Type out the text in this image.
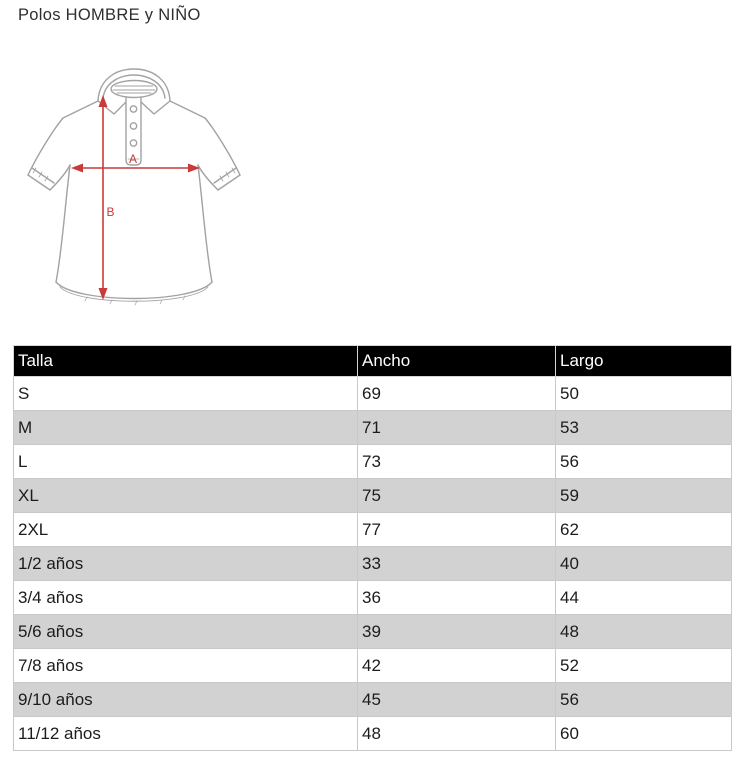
Polos HOMBRE y NIÑO
A
B
Talla	Ancho	Largo
S	69	50
M	71	53
L	73	56
XL	75	59
2XL	77	62
1/2 años	33	40
3/4 años	36	44
5/6 años	39	48
7/8 años	42	52
9/10 años	45	56
11/12 años	48	60
